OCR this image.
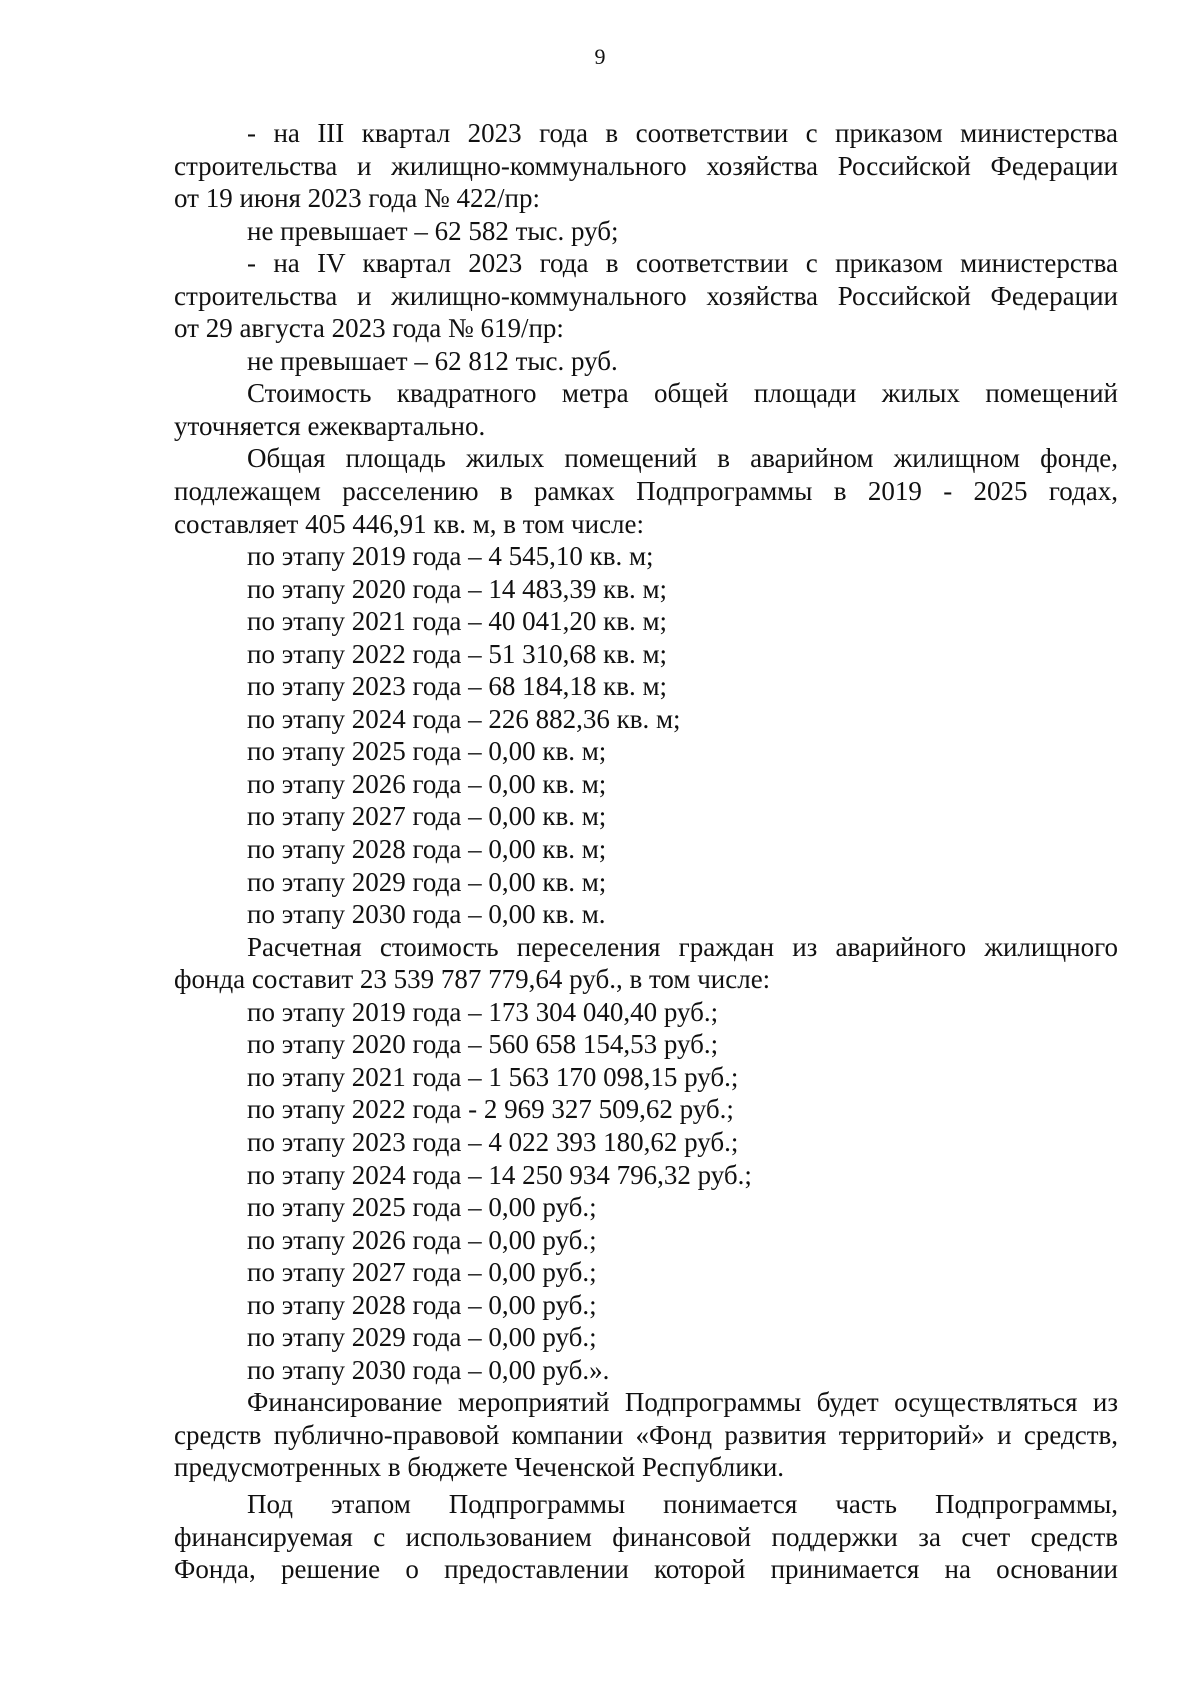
9
- на III квартал 2023 года в соответствии с приказом министерства
строительства и жилищно-коммунального хозяйства Российской Федерации
от 19 июня 2023 года № 422/пр:
не превышает – 62 582 тыс. руб;
- на IV квартал 2023 года в соответствии с приказом министерства
строительства и жилищно-коммунального хозяйства Российской Федерации
от 29 августа 2023 года № 619/пр:
не превышает – 62 812 тыс. руб.
Стоимость квадратного метра общей площади жилых помещений
уточняется ежеквартально.
Общая площадь жилых помещений в аварийном жилищном фонде,
подлежащем расселению в рамках Подпрограммы в 2019 - 2025 годах,
составляет 405 446,91 кв. м, в том числе:
по этапу 2019 года – 4 545,10 кв. м;
по этапу 2020 года – 14 483,39 кв. м;
по этапу 2021 года – 40 041,20 кв. м;
по этапу 2022 года – 51 310,68 кв. м;
по этапу 2023 года – 68 184,18 кв. м;
по этапу 2024 года – 226 882,36 кв. м;
по этапу 2025 года – 0,00 кв. м;
по этапу 2026 года – 0,00 кв. м;
по этапу 2027 года – 0,00 кв. м;
по этапу 2028 года – 0,00 кв. м;
по этапу 2029 года – 0,00 кв. м;
по этапу 2030 года – 0,00 кв. м.
Расчетная стоимость переселения граждан из аварийного жилищного
фонда составит 23 539 787 779,64 руб., в том числе:
по этапу 2019 года – 173 304 040,40 руб.;
по этапу 2020 года – 560 658 154,53 руб.;
по этапу 2021 года – 1 563 170 098,15 руб.;
по этапу 2022 года - 2 969 327 509,62 руб.;
по этапу 2023 года – 4 022 393 180,62 руб.;
по этапу 2024 года – 14 250 934 796,32 руб.;
по этапу 2025 года – 0,00 руб.;
по этапу 2026 года – 0,00 руб.;
по этапу 2027 года – 0,00 руб.;
по этапу 2028 года – 0,00 руб.;
по этапу 2029 года – 0,00 руб.;
по этапу 2030 года – 0,00 руб.».
Финансирование мероприятий Подпрограммы будет осуществляться из
средств публично-правовой компании «Фонд развития территорий» и средств,
предусмотренных в бюджете Чеченской Республики.
Под этапом Подпрограммы понимается часть Подпрограммы,
финансируемая с использованием финансовой поддержки за счет средств
Фонда, решение о предоставлении которой принимается на основании
